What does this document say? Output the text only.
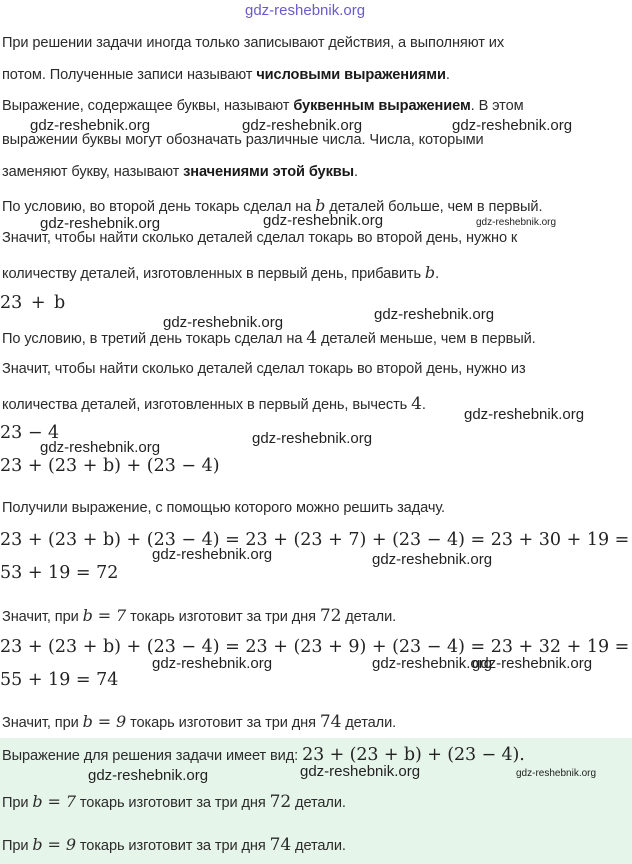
gdz-reshebnik.org
При решении задачи иногда только записывают действия, а выполняют их
потом. Полученные записи называют числовыми выражениями.
Выражение, содержащее буквы, называют буквенным выражением. В этом
gdz-reshebnik.org	gdz-reshebnik.org	gdz-reshebnik.org
выражении буквы могут обозначать различные числа. Числа, которыми
заменяют букву, называют значениями этой буквы.
По условию, во второй день токарь сделал на b деталей больше, чем в первый.
gdz-reshebnik.org	gdz-reshebnik.org	gdz-reshebnik.org
Значит, чтобы найти сколько деталей сделал токарь во второй день, нужно к
количеству деталей, изготовленных в первый день, прибавить b.
23 + b
gdz-reshebnik.org
gdz-reshebnik.org
По условию, в третий день токарь сделал на 4 деталей меньше, чем в первый.
Значит, чтобы найти сколько деталей сделал токарь во второй день, нужно из
количества деталей, изготовленных в первый день, вычесть 4.
gdz-reshebnik.org
23 − 4	gdz-reshebnik.org
gdz-reshebnik.org
23 + (23 + b) + (23 − 4)
Получили выражение, с помощью которого можно решить задачу.
23 + (23 + b) + (23 − 4) = 23 + (23 + 7) + (23 − 4) = 23 + 30 + 19 =
gdz-reshebnik.org	gdz-reshebnik.org
53 + 19 = 72
Значит, при b = 7 токарь изготовит за три дня 72 детали.
23 + (23 + b) + (23 − 4) = 23 + (23 + 9) + (23 − 4) = 23 + 32 + 19 =
gdz-reshebnik.org	gdz-reshebnik.org
gdz-reshebnik.org
55 + 19 = 74
Значит, при b = 9 токарь изготовит за три дня 74 детали.
Выражение для решения задачи имеет вид: 23 + (23 + b) + (23 − 4).
gdz-reshebnik.org	gdz-reshebnik.org	gdz-reshebnik.org
При b = 7 токарь изготовит за три дня 72 детали.
При b = 9 токарь изготовит за три дня 74 детали.
